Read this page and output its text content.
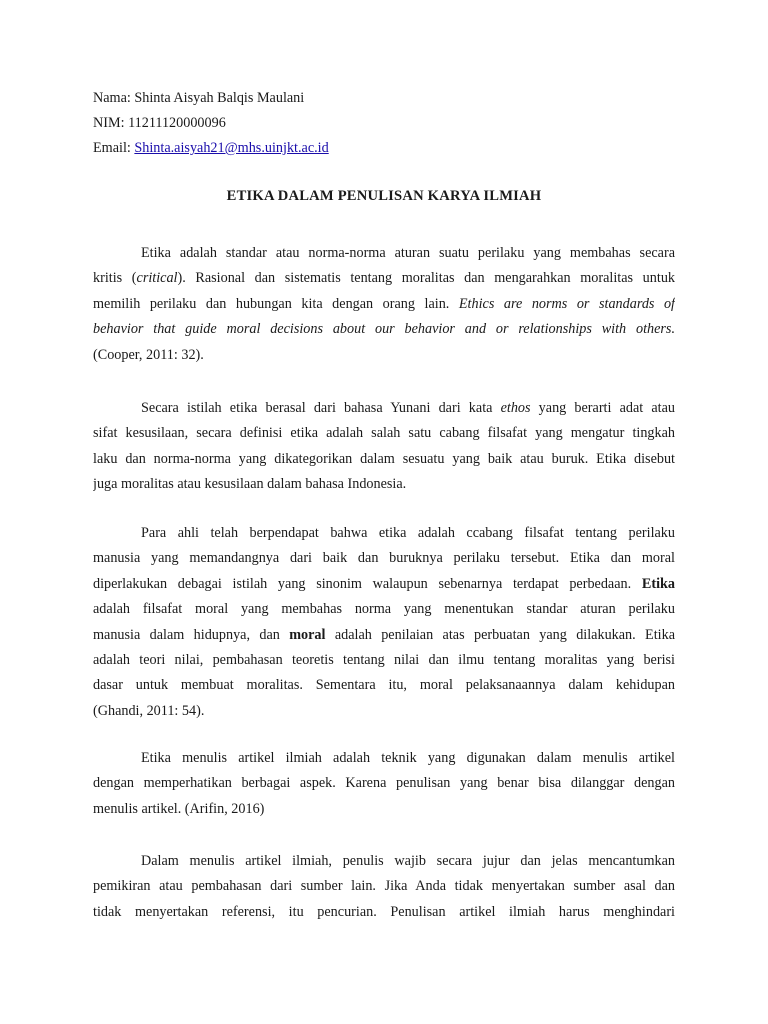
Nama: Shinta Aisyah Balqis Maulani
NIM: 11211120000096
Email: Shinta.aisyah21@mhs.uinjkt.ac.id
ETIKA DALAM PENULISAN KARYA ILMIAH
Etika adalah standar atau norma-norma aturan suatu perilaku yang membahas secara
kritis (critical). Rasional dan sistematis tentang moralitas dan mengarahkan moralitas untuk
memilih perilaku dan hubungan kita dengan orang lain. Ethics are norms or standards of
behavior that guide moral decisions about our behavior and or relationships with others.
(Cooper, 2011: 32).
Secara istilah etika berasal dari bahasa Yunani dari kata ethos yang berarti adat atau
sifat kesusilaan, secara definisi etika adalah salah satu cabang filsafat yang mengatur tingkah
laku dan norma-norma yang dikategorikan dalam sesuatu yang baik atau buruk. Etika disebut
juga moralitas atau kesusilaan dalam bahasa Indonesia.
Para ahli telah berpendapat bahwa etika adalah ccabang filsafat tentang perilaku
manusia yang memandangnya dari baik dan buruknya perilaku tersebut. Etika dan moral
diperlakukan debagai istilah yang sinonim walaupun sebenarnya terdapat perbedaan. Etika
adalah filsafat moral yang membahas norma yang menentukan standar aturan perilaku
manusia dalam hidupnya, dan moral adalah penilaian atas perbuatan yang dilakukan. Etika
adalah teori nilai, pembahasan teoretis tentang nilai dan ilmu tentang moralitas yang berisi
dasar untuk membuat moralitas. Sementara itu, moral pelaksanaannya dalam kehidupan
(Ghandi, 2011: 54).
Etika menulis artikel ilmiah adalah teknik yang digunakan dalam menulis artikel
dengan memperhatikan berbagai aspek. Karena penulisan yang benar bisa dilanggar dengan
menulis artikel. (Arifin, 2016)
Dalam menulis artikel ilmiah, penulis wajib secara jujur dan jelas mencantumkan
pemikiran atau pembahasan dari sumber lain. Jika Anda tidak menyertakan sumber asal dan
tidak menyertakan referensi, itu pencurian. Penulisan artikel ilmiah harus menghindari
